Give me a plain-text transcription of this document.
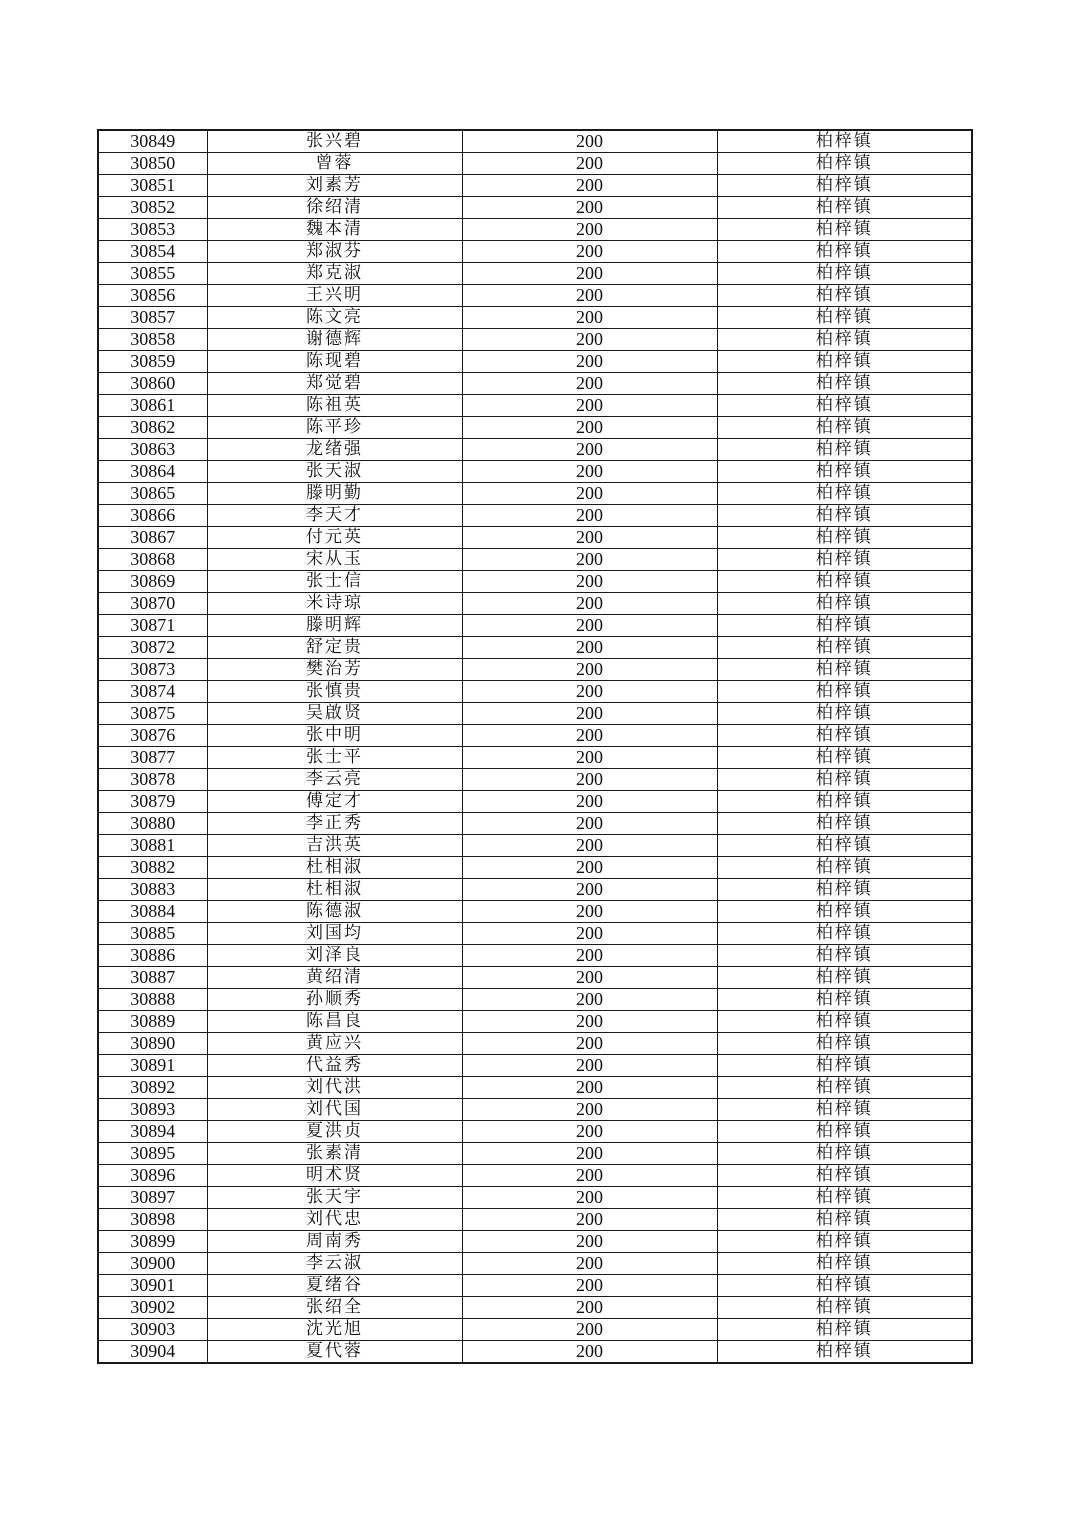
30849	张兴碧	200	柏梓镇
30850	曾蓉	200	柏梓镇
30851	刘素芳	200	柏梓镇
30852	徐绍清	200	柏梓镇
30853	魏本清	200	柏梓镇
30854	郑淑芬	200	柏梓镇
30855	郑克淑	200	柏梓镇
30856	王兴明	200	柏梓镇
30857	陈文亮	200	柏梓镇
30858	谢德辉	200	柏梓镇
30859	陈现碧	200	柏梓镇
30860	郑觉碧	200	柏梓镇
30861	陈祖英	200	柏梓镇
30862	陈平珍	200	柏梓镇
30863	龙绪强	200	柏梓镇
30864	张天淑	200	柏梓镇
30865	滕明勤	200	柏梓镇
30866	李天才	200	柏梓镇
30867	付元英	200	柏梓镇
30868	宋从玉	200	柏梓镇
30869	张士信	200	柏梓镇
30870	米诗琼	200	柏梓镇
30871	滕明辉	200	柏梓镇
30872	舒定贵	200	柏梓镇
30873	樊治芳	200	柏梓镇
30874	张慎贵	200	柏梓镇
30875	吴啟贤	200	柏梓镇
30876	张中明	200	柏梓镇
30877	张士平	200	柏梓镇
30878	李云亮	200	柏梓镇
30879	傅定才	200	柏梓镇
30880	李正秀	200	柏梓镇
30881	吉洪英	200	柏梓镇
30882	杜相淑	200	柏梓镇
30883	杜相淑	200	柏梓镇
30884	陈德淑	200	柏梓镇
30885	刘国均	200	柏梓镇
30886	刘泽良	200	柏梓镇
30887	黄绍清	200	柏梓镇
30888	孙顺秀	200	柏梓镇
30889	陈昌良	200	柏梓镇
30890	黄应兴	200	柏梓镇
30891	代益秀	200	柏梓镇
30892	刘代洪	200	柏梓镇
30893	刘代国	200	柏梓镇
30894	夏洪贞	200	柏梓镇
30895	张素清	200	柏梓镇
30896	明术贤	200	柏梓镇
30897	张天宇	200	柏梓镇
30898	刘代忠	200	柏梓镇
30899	周南秀	200	柏梓镇
30900	李云淑	200	柏梓镇
30901	夏绪谷	200	柏梓镇
30902	张绍全	200	柏梓镇
30903	沈光旭	200	柏梓镇
30904	夏代蓉	200	柏梓镇
